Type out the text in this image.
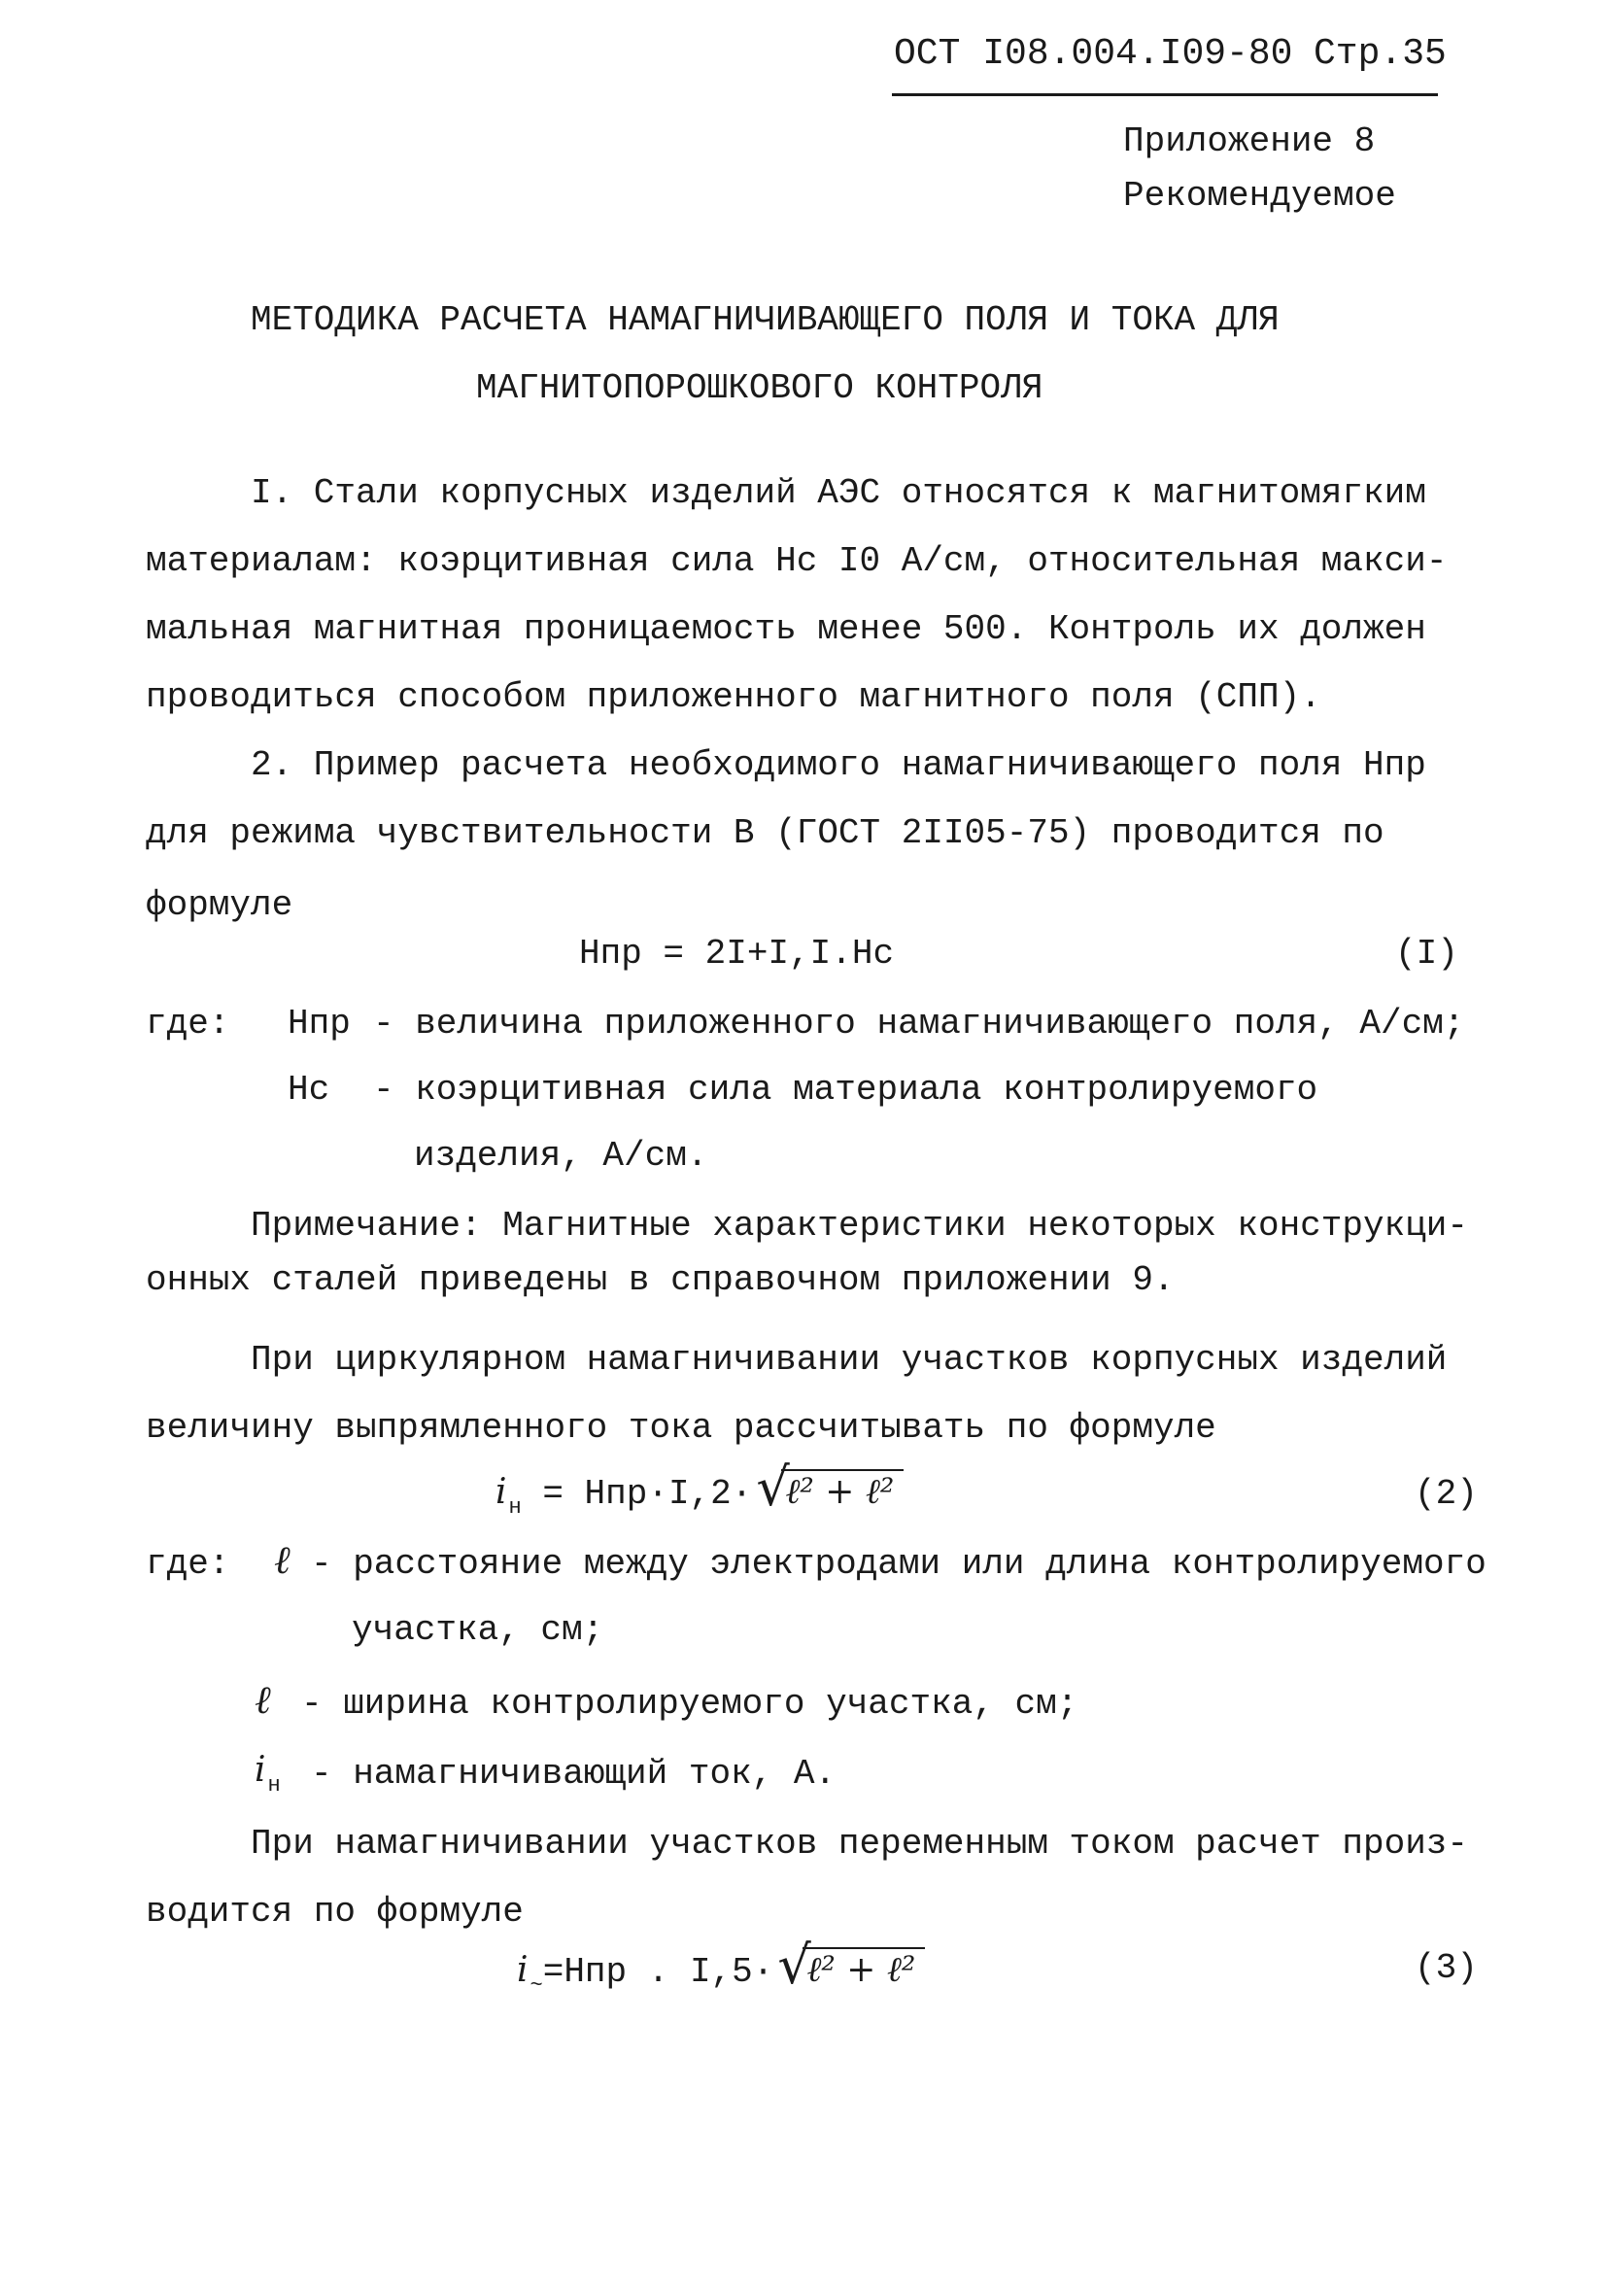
ОСТ I08.004.I09-80 Стр.35
Приложение 8
Рекомендуемое
МЕТОДИКА РАСЧЕТА НАМАГНИЧИВАЮЩЕГО ПОЛЯ И ТОКА ДЛЯ
МАГНИТОПОРОШКОВОГО КОНТРОЛЯ
I. Стали корпусных изделий АЭС относятся к магнитомягким
материалам: коэрцитивная сила Нс I0 А/см, относительная макси-
мальная магнитная проницаемость менее 500. Контроль их должен
проводиться способом приложенного магнитного поля (СПП).
2. Пример расчета необходимого намагничивающего поля Нпр
для режима чувствительности В (ГОСТ 2II05-75) проводится по
формуле
Нпр = 2I+I,I.Нс	(I)
где: Нпр - величина приложенного намагничивающего поля, А/см;
Нс - коэрцитивная сила материала контролируемого
изделия, А/см.
Примечание: Магнитные характеристики некоторых конструкци-
онных сталей приведены в справочном приложении 9.
При циркулярном намагничивании участков корпусных изделий
величину выпрямленного тока рассчитывать по формуле
$i_н = Нпр\cdot I,2\cdot$ √
ℓ² + ℓ²	(2)
где: ℓ - расстояние между электродами или длина контролируемого
участка, см;
ℓ - ширина контролируемого участка, см;
$i_н$ - намагничивающий ток, А.
При намагничивании участков переменным током расчет произ-
водится по формуле
$i_\sim=Нпр$ . I,5· √
ℓ² + ℓ²	(3)
